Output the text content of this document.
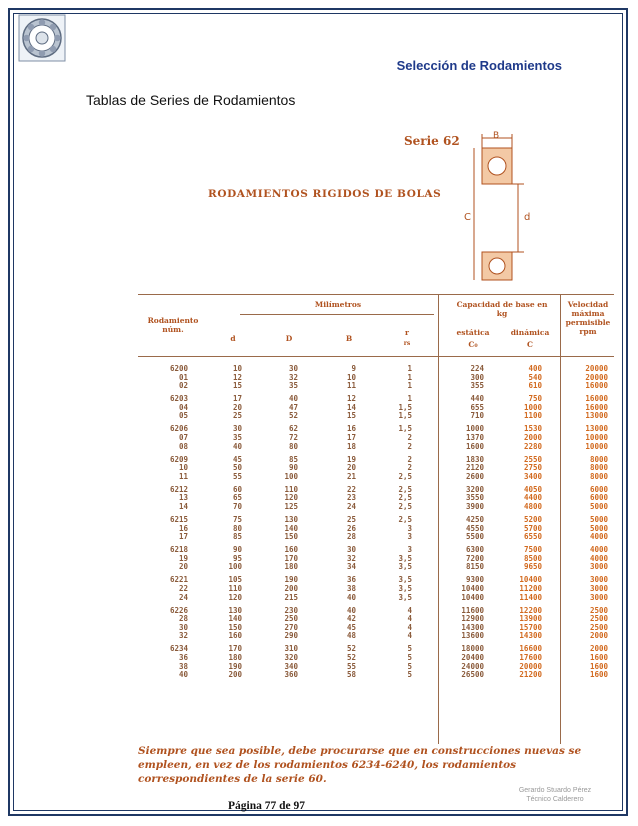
Selección de Rodamientos
Tablas de Series de Rodamientos
Serie 62
RODAMIENTOS RIGIDOS DE BOLAS
B
C	d
Rodamiento núm.
Milímetros
d	D	B
r
rs
Capacidad de base en kg
estática
C₀
dinámica
C
Velocidad máxima permisible rpm
6200	10	30	9	1	224	400	20000
01	12	32	10	1	300	540	20000
02	15	35	11	1	355	610	16000
6203	17	40	12	1	440	750	16000
04	20	47	14	1,5	655	1000	16000
05	25	52	15	1,5	710	1100	13000
6206	30	62	16	1,5	1000	1530	13000
07	35	72	17	2	1370	2000	10000
08	40	80	18	2	1600	2280	10000
6209	45	85	19	2	1830	2550	8000
10	50	90	20	2	2120	2750	8000
11	55	100	21	2,5	2600	3400	8000
6212	60	110	22	2,5	3200	4050	6000
13	65	120	23	2,5	3550	4400	6000
14	70	125	24	2,5	3900	4800	5000
6215	75	130	25	2,5	4250	5200	5000
16	80	140	26	3	4550	5700	5000
17	85	150	28	3	5500	6550	4000
6218	90	160	30	3	6300	7500	4000
19	95	170	32	3,5	7200	8500	4000
20	100	180	34	3,5	8150	9650	3000
6221	105	190	36	3,5	9300	10400	3000
22	110	200	38	3,5	10400	11200	3000
24	120	215	40	3,5	10400	11400	3000
6226	130	230	40	4	11600	12200	2500
28	140	250	42	4	12900	13900	2500
30	150	270	45	4	14300	15700	2500
32	160	290	48	4	13600	14300	2000
6234	170	310	52	5	18000	16600	2000
36	180	320	52	5	20400	17600	1600
38	190	340	55	5	24000	20000	1600
40	200	360	58	5	26500	21200	1600
Siempre que sea posible, debe procurarse que en construcciones nuevas se empleen, en vez de los rodamientos 6234-6240, los rodamientos correspondientes de la serie 60.
Gerardo Stuardo Pérez
Técnico Calderero
Página 77 de 97
